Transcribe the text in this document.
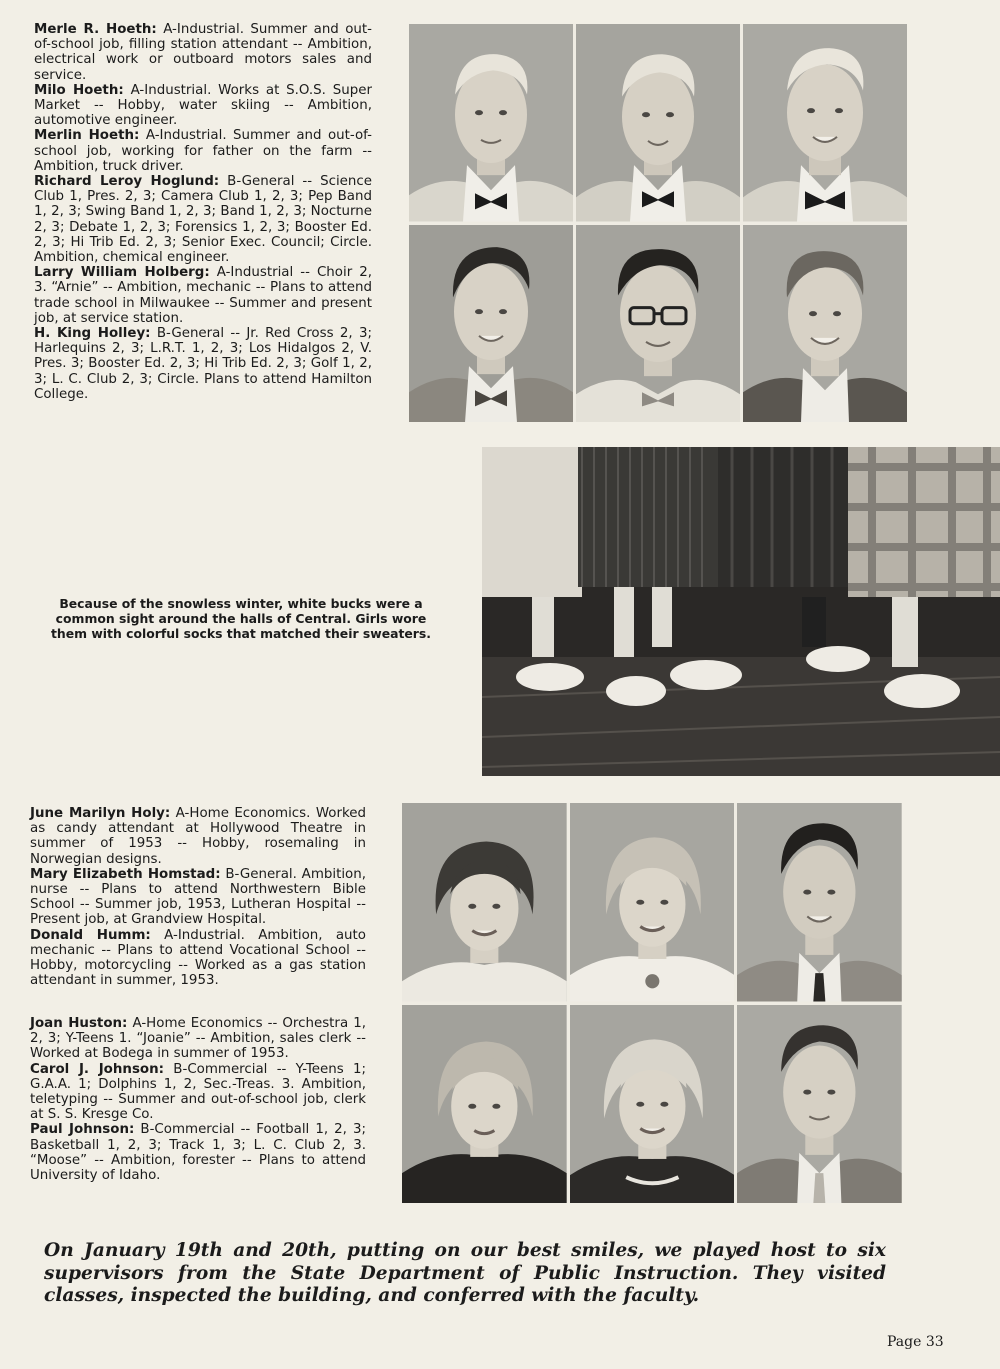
Merle R. Hoeth: A-Industrial. Summer and out-of-school job, filling station attendant -- Ambition, electrical work or outboard motors sales and service.

Milo Hoeth: A-Industrial. Works at S.O.S. Super Market -- Hobby, water skiing -- Ambition, automotive engineer.

Merlin Hoeth: A-Industrial. Summer and out-of-school job, working for father on the farm -- Ambition, truck driver.

Richard Leroy Hoglund: B-General -- Science Club 1, Pres. 2, 3; Camera Club 1, 2, 3; Pep Band 1, 2, 3; Swing Band 1, 2, 3; Band 1, 2, 3; Nocturne 2, 3; Debate 1, 2, 3; Forensics 1, 2, 3; Booster Ed. 2, 3; Hi Trib Ed. 2, 3; Senior Exec. Council; Circle. Ambition, chemical engineer.

Larry William Holberg: A-Industrial -- Choir 2, 3. “Arnie” -- Ambition, mechanic -- Plans to attend trade school in Milwaukee -- Summer and present job, at service station.

H. King Holley: B-General -- Jr. Red Cross 2, 3; Harlequins 2, 3; L.R.T. 1, 2, 3; Los Hidalgos 2, V. Pres. 3; Booster Ed. 2, 3; Hi Trib Ed. 2, 3; Golf 1, 2, 3; L. C. Club 2, 3; Circle. Plans to attend Hamilton College.

Because of the snowless winter, white bucks were a common sight around the halls of Central. Girls wore them with colorful socks that matched their sweaters.

June Marilyn Holy: A-Home Economics. Worked as candy attendant at Hollywood Theatre in summer of 1953 -- Hobby, rosemaling in Norwegian designs.

Mary Elizabeth Homstad: B-General. Ambition, nurse -- Plans to attend Northwestern Bible School -- Summer job, 1953, Lutheran Hospital -- Present job, at Grandview Hospital.

Donald Humm: A-Industrial. Ambition, auto mechanic -- Plans to attend Vocational School -- Hobby, motorcycling -- Worked as a gas station attendant in summer, 1953.

Joan Huston: A-Home Economics -- Orchestra 1, 2, 3; Y-Teens 1. “Joanie” -- Ambition, sales clerk -- Worked at Bodega in summer of 1953.

Carol J. Johnson: B-Commercial -- Y-Teens 1; G.A.A. 1; Dolphins 1, 2, Sec.-Treas. 3. Ambition, teletyping -- Summer and out-of-school job, clerk at S. S. Kresge Co.

Paul Johnson: B-Commercial -- Football 1, 2, 3; Basketball 1, 2, 3; Track 1, 3; L. C. Club 2, 3. “Moose” -- Ambition, forester -- Plans to attend University of Idaho.

On January 19th and 20th, putting on our best smiles, we played host to six supervisors from the State Department of Public Instruction. They visited classes, inspected the building, and conferred with the faculty.

Page 33
